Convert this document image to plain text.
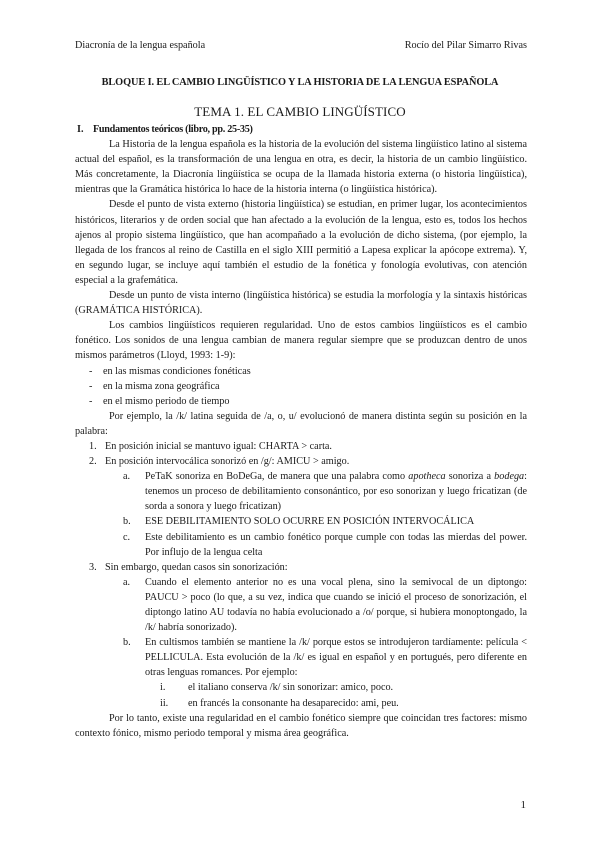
Diacronía de la lengua española	Rocío del Pilar Simarro Rivas
BLOQUE I. EL CAMBIO LINGÜÍSTICO Y LA HISTORIA DE LA LENGUA ESPAÑOLA
TEMA 1. EL CAMBIO LINGÜÍSTICO
I. Fundamentos teóricos (libro, pp. 25-35)

La Historia de la lengua española es la historia de la evolución del sistema lingüístico latino al sistema actual del español, es la transformación de una lengua en otra, es decir, la historia de un cambio lingüístico. Más concretamente, la Diacronía lingüística se ocupa de la llamada historia externa (o historia lingüística), mientras que la Gramática histórica lo hace de la historia interna (o lingüística histórica).

Desde el punto de vista externo (historia lingüística) se estudian, en primer lugar, los acontecimientos históricos, literarios y de orden social que han afectado a la evolución de la lengua, esto es, todos los hechos ajenos al propio sistema lingüístico, que han acompañado a la evolución de dicho sistema, (por ejemplo, la llegada de los francos al reino de Castilla en el siglo XIII permitió a Lapesa explicar la apócope extrema). Y, en segundo lugar, se incluye aquí también el estudio de la fonética y fonología evolutivas, con atención especial a la grafemática.

Desde un punto de vista interno (lingüística histórica) se estudia la morfología y la sintaxis históricas (GRAMÁTICA HISTÓRICA).

Los cambios lingüísticos requieren regularidad. Uno de estos cambios lingüísticos es el cambio fonético. Los sonidos de una lengua cambian de manera regular siempre que se produzcan dentro de unos mismos parámetros (Lloyd, 1993: 1-9):

-	en las mismas condiciones fonéticas
-	en la misma zona geográfica
-	en el mismo periodo de tiempo

Por ejemplo, la /k/ latina seguida de /a, o, u/ evolucionó de manera distinta según su posición en la palabra:

1. En posición inicial se mantuvo igual: CHARTA > carta.
2. En posición intervocálica sonorizó en /g/: AMICU > amigo.
a.	PeTaK sonoriza en BoDeGa, de manera que una palabra como apotheca sonoriza a bodega: tenemos un proceso de debilitamiento consonántico, por eso sonorizan y luego fricatizan (de sorda a sonora y luego fricatizan)
b.	ESE DEBILITAMIENTO SOLO OCURRE EN POSICIÓN INTERVOCÁLICA
c.	Este debilitamiento es un cambio fonético porque cumple con todas las mierdas del power. Por influjo de la lengua celta
3. Sin embargo, quedan casos sin sonorización:
a.	Cuando el elemento anterior no es una vocal plena, sino la semivocal de un diptongo: PAUCU > poco (lo que, a su vez, indica que cuando se inició el proceso de sonorización, el diptongo latino AU todavía no había evolucionado a /o/ porque, si hubiera monoptongado, la /k/ habría sonorizado).
b.	En cultismos también se mantiene la /k/ porque estos se introdujeron tardíamente: película < PELLICULA. Esta evolución de la /k/ es igual en español y en portugués, pero diferente en otras lenguas romances. Por ejemplo:
i.	el italiano conserva /k/ sin sonorizar: amico, poco.
ii.	en francés la consonante ha desaparecido: ami, peu.

Por lo tanto, existe una regularidad en el cambio fonético siempre que coincidan tres factores: mismo contexto fónico, mismo periodo temporal y misma área geográfica.

1
